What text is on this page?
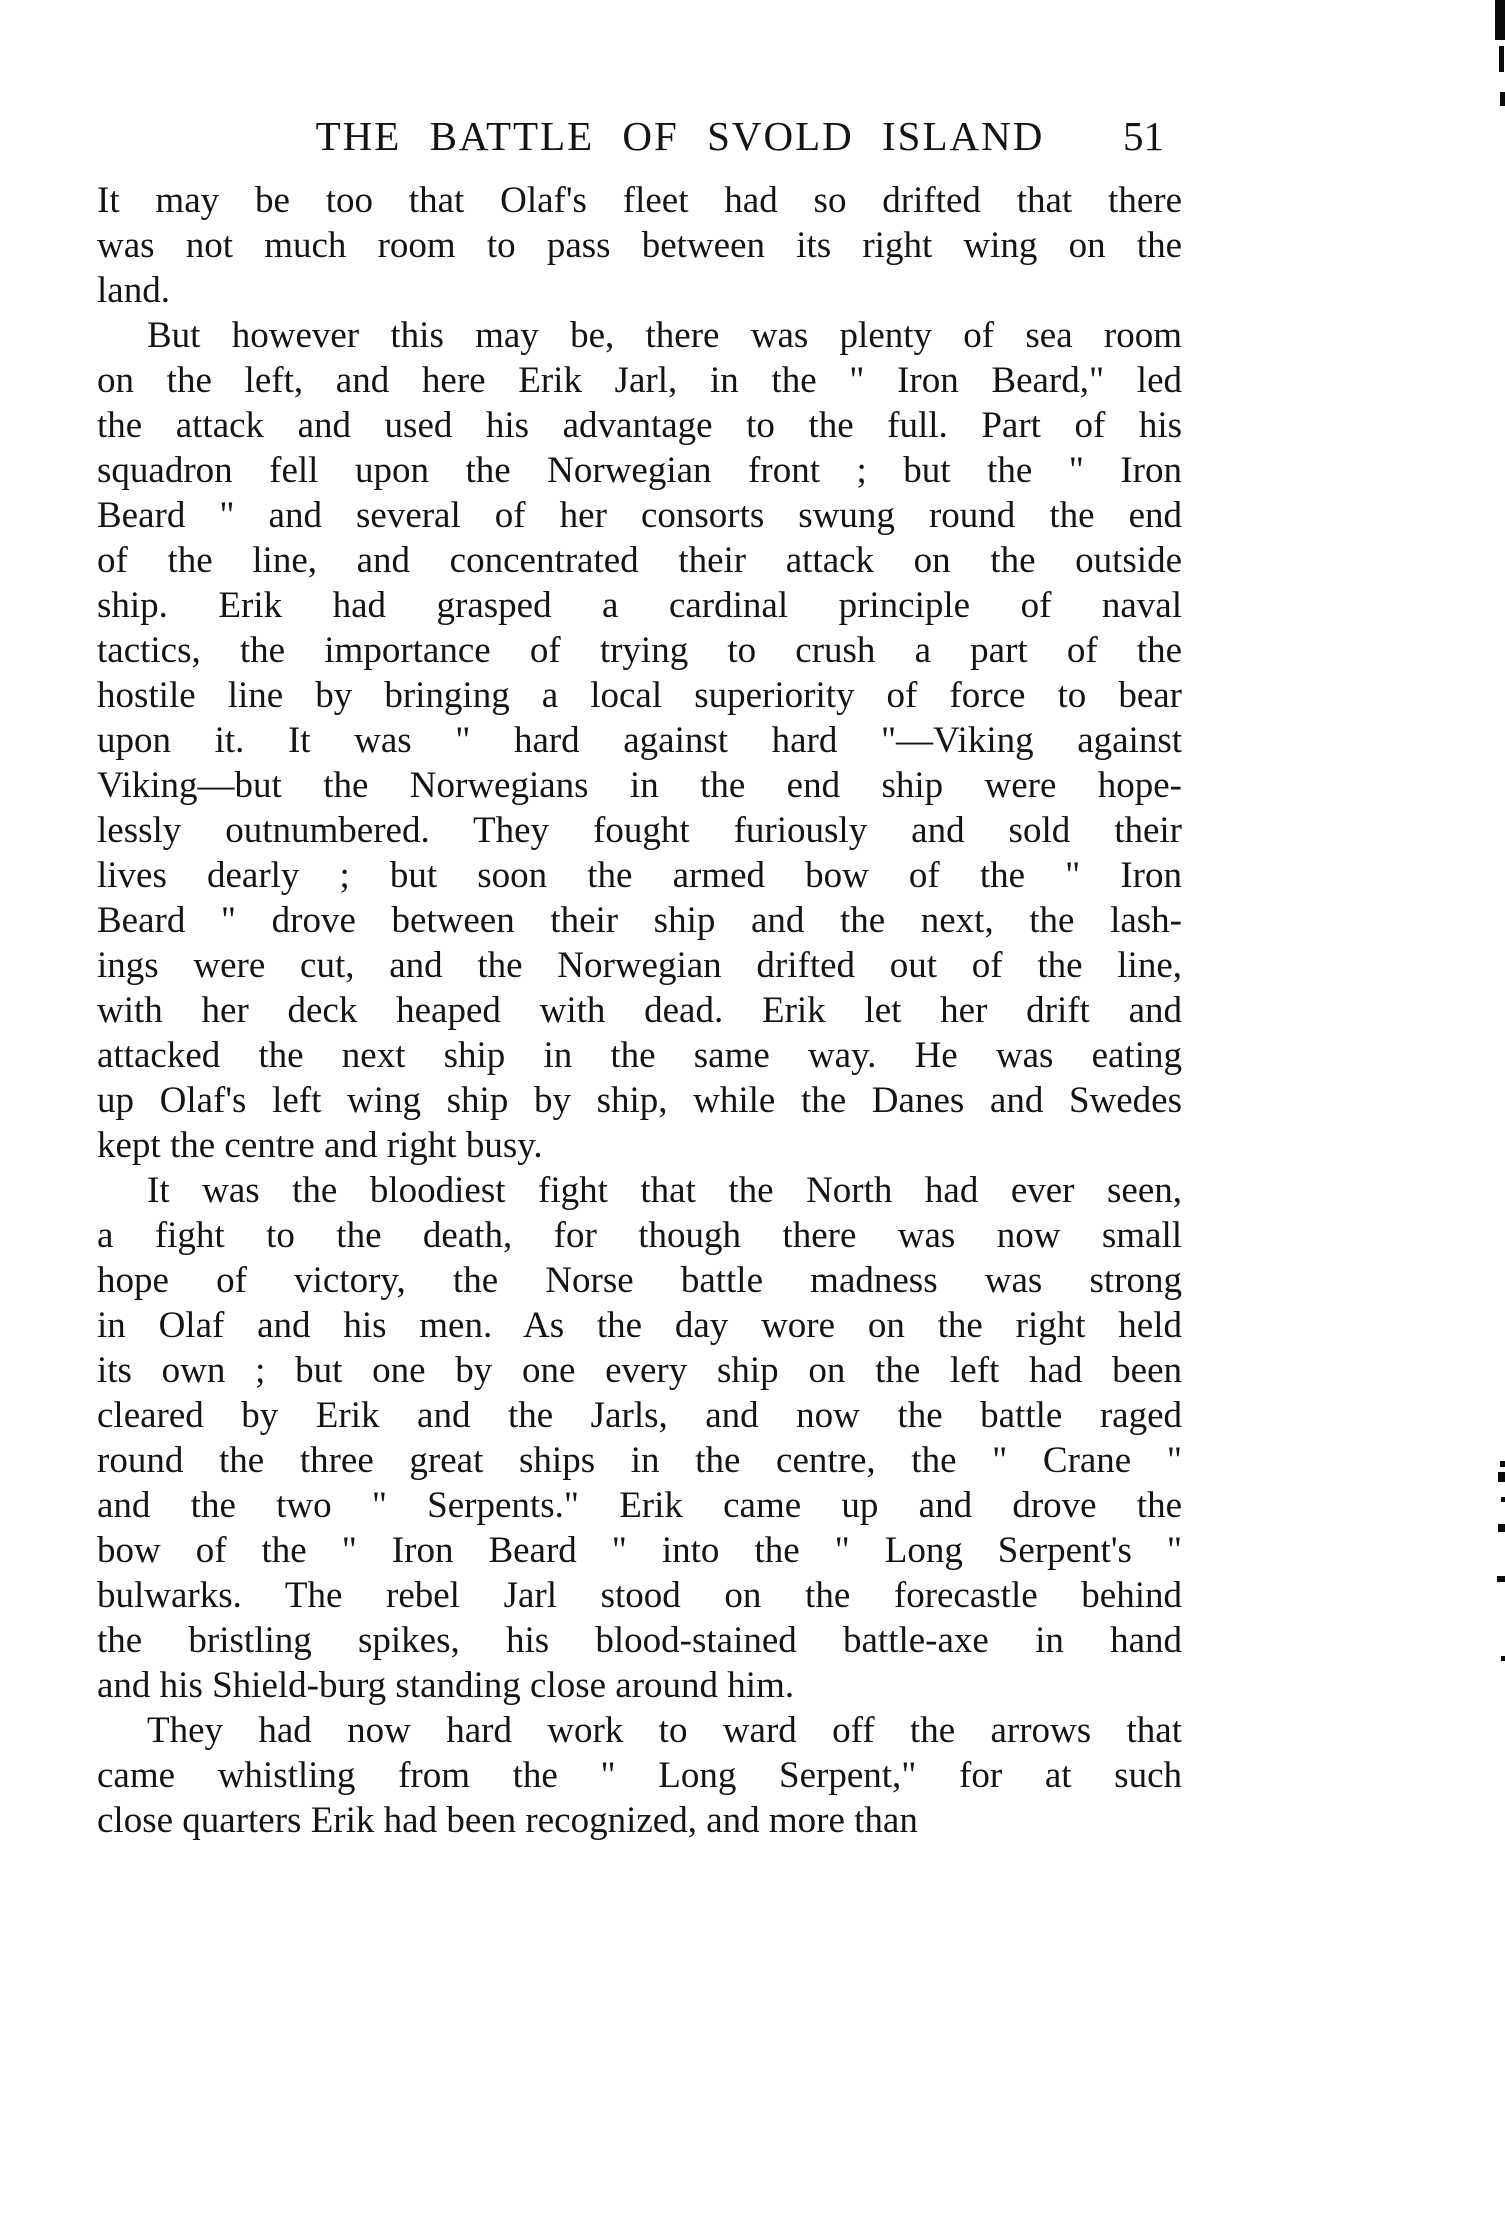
THE BATTLE OF SVOLD ISLAND	51
It may be too that Olaf's fleet had so drifted that there
was not much room to pass between its right wing on the
land.
But however this may be, there was plenty of sea room
on the left, and here Erik Jarl, in the " Iron Beard," led
the attack and used his advantage to the full. Part of his
squadron fell upon the Norwegian front ; but the " Iron
Beard " and several of her consorts swung round the end
of the line, and concentrated their attack on the outside
ship. Erik had grasped a cardinal principle of naval
tactics, the importance of trying to crush a part of the
hostile line by bringing a local superiority of force to bear
upon it. It was " hard against hard "—Viking against
Viking—but the Norwegians in the end ship were hope-
lessly outnumbered. They fought furiously and sold their
lives dearly ; but soon the armed bow of the " Iron
Beard " drove between their ship and the next, the lash-
ings were cut, and the Norwegian drifted out of the line,
with her deck heaped with dead. Erik let her drift and
attacked the next ship in the same way. He was eating
up Olaf's left wing ship by ship, while the Danes and Swedes
kept the centre and right busy.
It was the bloodiest fight that the North had ever seen,
a fight to the death, for though there was now small
hope of victory, the Norse battle madness was strong
in Olaf and his men. As the day wore on the right held
its own ; but one by one every ship on the left had been
cleared by Erik and the Jarls, and now the battle raged
round the three great ships in the centre, the " Crane "
and the two " Serpents." Erik came up and drove the
bow of the " Iron Beard " into the " Long Serpent's "
bulwarks. The rebel Jarl stood on the forecastle behind
the bristling spikes, his blood-stained battle-axe in hand
and his Shield-burg standing close around him.
They had now hard work to ward off the arrows that
came whistling from the " Long Serpent," for at such
close quarters Erik had been recognized, and more than
